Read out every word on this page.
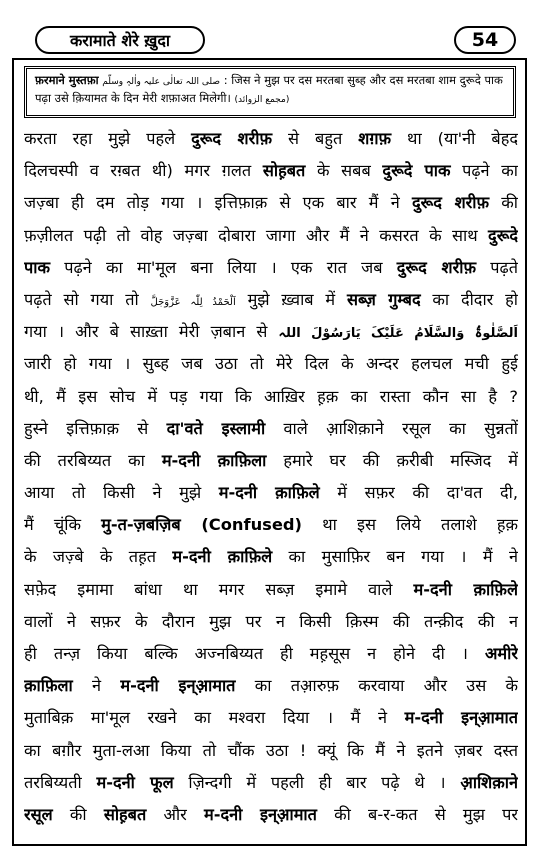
करामाते शेरे ख़ुदा	54
फ़रमाने मुस्तफ़ा صلی اللہ تعالٰی علیہ واٰلہٖ وسلّم : जिस ने मुझ पर दस मरतबा सुब्ह और दस मरतबा शाम दुरूदे पाक पढ़ा उसे क़ियामत के दिन मेरी शफ़ाअत मिलेगी। (مجمع الزوائد)
करता रहा मुझे पहले दुरूद शरीफ़ से बहुत शग़फ़ था (या'नी बेहद
दिलचस्पी व रग़्बत थी) मगर ग़लत सोह़बत के सबब दुरूदे पाक पढ़ने का
जज़्बा ही दम तोड़ गया । इत्तिफ़ाक़ से एक बार मैं ने दुरूद शरीफ़ की
फ़ज़ीलत पढ़ी तो वोह जज़्बा दोबारा जागा और मैं ने कसरत के साथ दुरूदे
पाक पढ़ने का मा'मूल बना लिया । एक रात जब दुरूद शरीफ़ पढ़ते
पढ़ते सो गया तो اَلْحَمْدُ لِلّٰہ عَزَّوَجَلَّ मुझे ख़्वाब में सब्ज़ गुम्बद का दीदार हो
गया । और बे साख़्ता मेरी ज़बान से اَلصَّلٰوۃُ وَالسَّلَامُ عَلَیْکَ یَارَسُوْلَ اللہ
जारी हो गया । सुब्ह जब उठा तो मेरे दिल के अन्दर हलचल मची हुई
थी, मैं इस सोच में पड़ गया कि आख़िर ह़क़ का रास्ता कौन सा है ?
हुस्ने इत्तिफ़ाक़ से दा'वते इस्लामी वाले आ़शिक़ाने रसूल का सुन्नतों
की तरबिय्यत का म-दनी क़ाफ़िला हमारे घर की क़रीबी मस्जिद में
आया तो किसी ने मुझे म-दनी क़ाफ़िले में सफ़र की दा'वत दी,
मैं चूंकि मु-त-ज़बज़िब (Confused) था इस लिये तलाशे ह़क़
के जज़्बे के तह़त म-दनी क़ाफ़िले का मुसाफ़िर बन गया । मैं ने
सफ़ेद इमामा बांधा था मगर सब्ज़ इमामे वाले म-दनी क़ाफ़िले
वालों ने सफ़र के दौरान मुझ पर न किसी क़िस्म की तन्क़ीद की न
ही तन्ज़ किया बल्कि अज्नबिय्यत ही मह़सूस न होने दी । अमीरे
क़ाफ़िला ने म-दनी इन्आ़मात का तआ़रुफ़ करवाया और उस के
मुताबिक़ मा'मूल रखने का मश्वरा दिया । मैं ने म-दनी इन्आ़मात
का बग़ौर मुता-लआ किया तो चौंक उठा ! क्यूं कि मैं ने इतने ज़बर दस्त
तरबिय्यती म-दनी फूल ज़िन्दगी में पहली ही बार पढ़े थे । आ़शिक़ाने
रसूल की सोह़बत और म-दनी इन्आ़मात की ब-र-कत से मुझ पर
